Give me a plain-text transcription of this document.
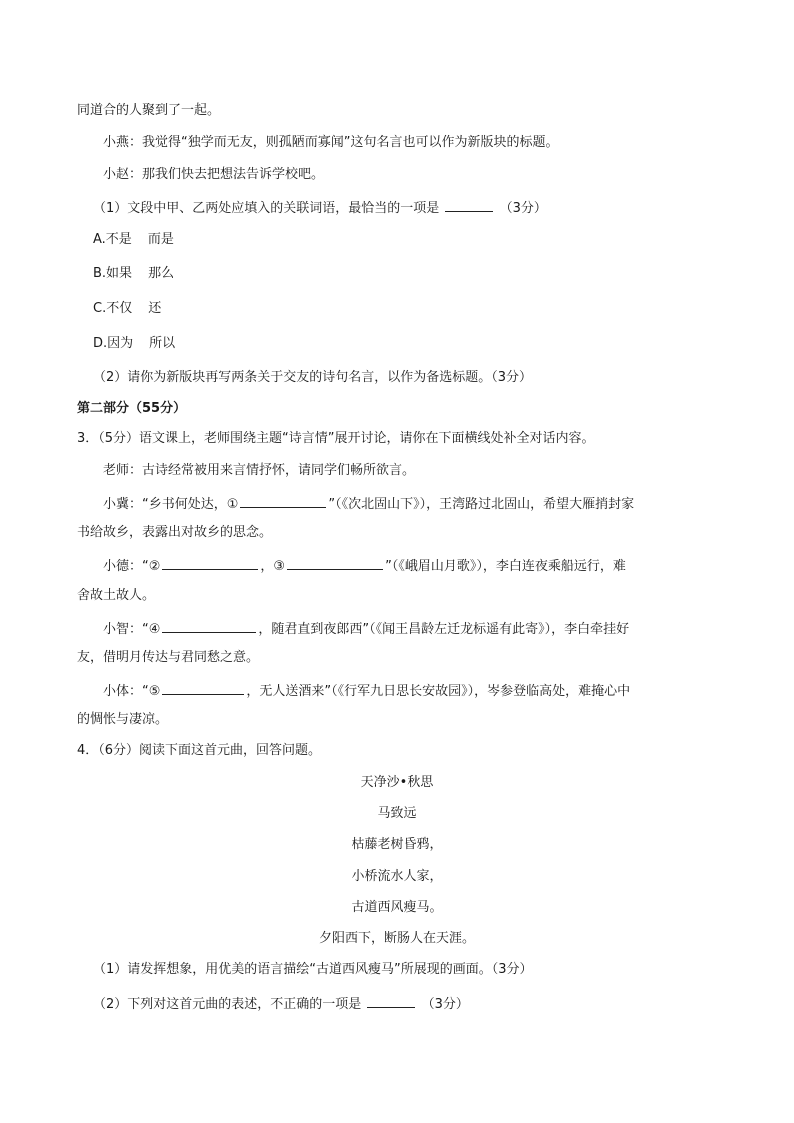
同道合的人聚到了一起。
小燕：我觉得“独学而无友，则孤陋而寡闻”这句名言也可以作为新版块的标题。
小赵：那我们快去把想法告诉学校吧。
（1）文段中甲、乙两处应填入的关联词语，最恰当的一项是	（3分）
A.不是 而是
B.如果 那么
C.不仅 还
D.因为 所以
（2）请你为新版块再写两条关于交友的诗句名言，以作为备选标题。（3分）
第二部分（55分）
3．（5分）语文课上，老师围绕主题“诗言情”展开讨论，请你在下面横线处补全对话内容。
老师：古诗经常被用来言情抒怀，请同学们畅所欲言。
小冀：“乡书何处达，①	”（《次北固山下》），王湾路过北固山，希望大雁捎封家
书给故乡，表露出对故乡的思念。
小德：“②	，③	”（《峨眉山月歌》），李白连夜乘船远行，难
舍故土故人。
小智：“④	，随君直到夜郎西”（《闻王昌龄左迁龙标遥有此寄》），李白牵挂好
友，借明月传达与君同愁之意。
小体：“⑤	，无人送酒来”（《行军九日思长安故园》），岑参登临高处，难掩心中
的惆怅与凄凉。
4．（6分）阅读下面这首元曲，回答问题。
天净沙•秋思
马致远
枯藤老树昏鸦，
小桥流水人家，
古道西风瘦马。
夕阳西下，断肠人在天涯。
（1）请发挥想象，用优美的语言描绘“古道西风瘦马”所展现的画面。（3分）
（2）下列对这首元曲的表述，不正确的一项是	（3分）
